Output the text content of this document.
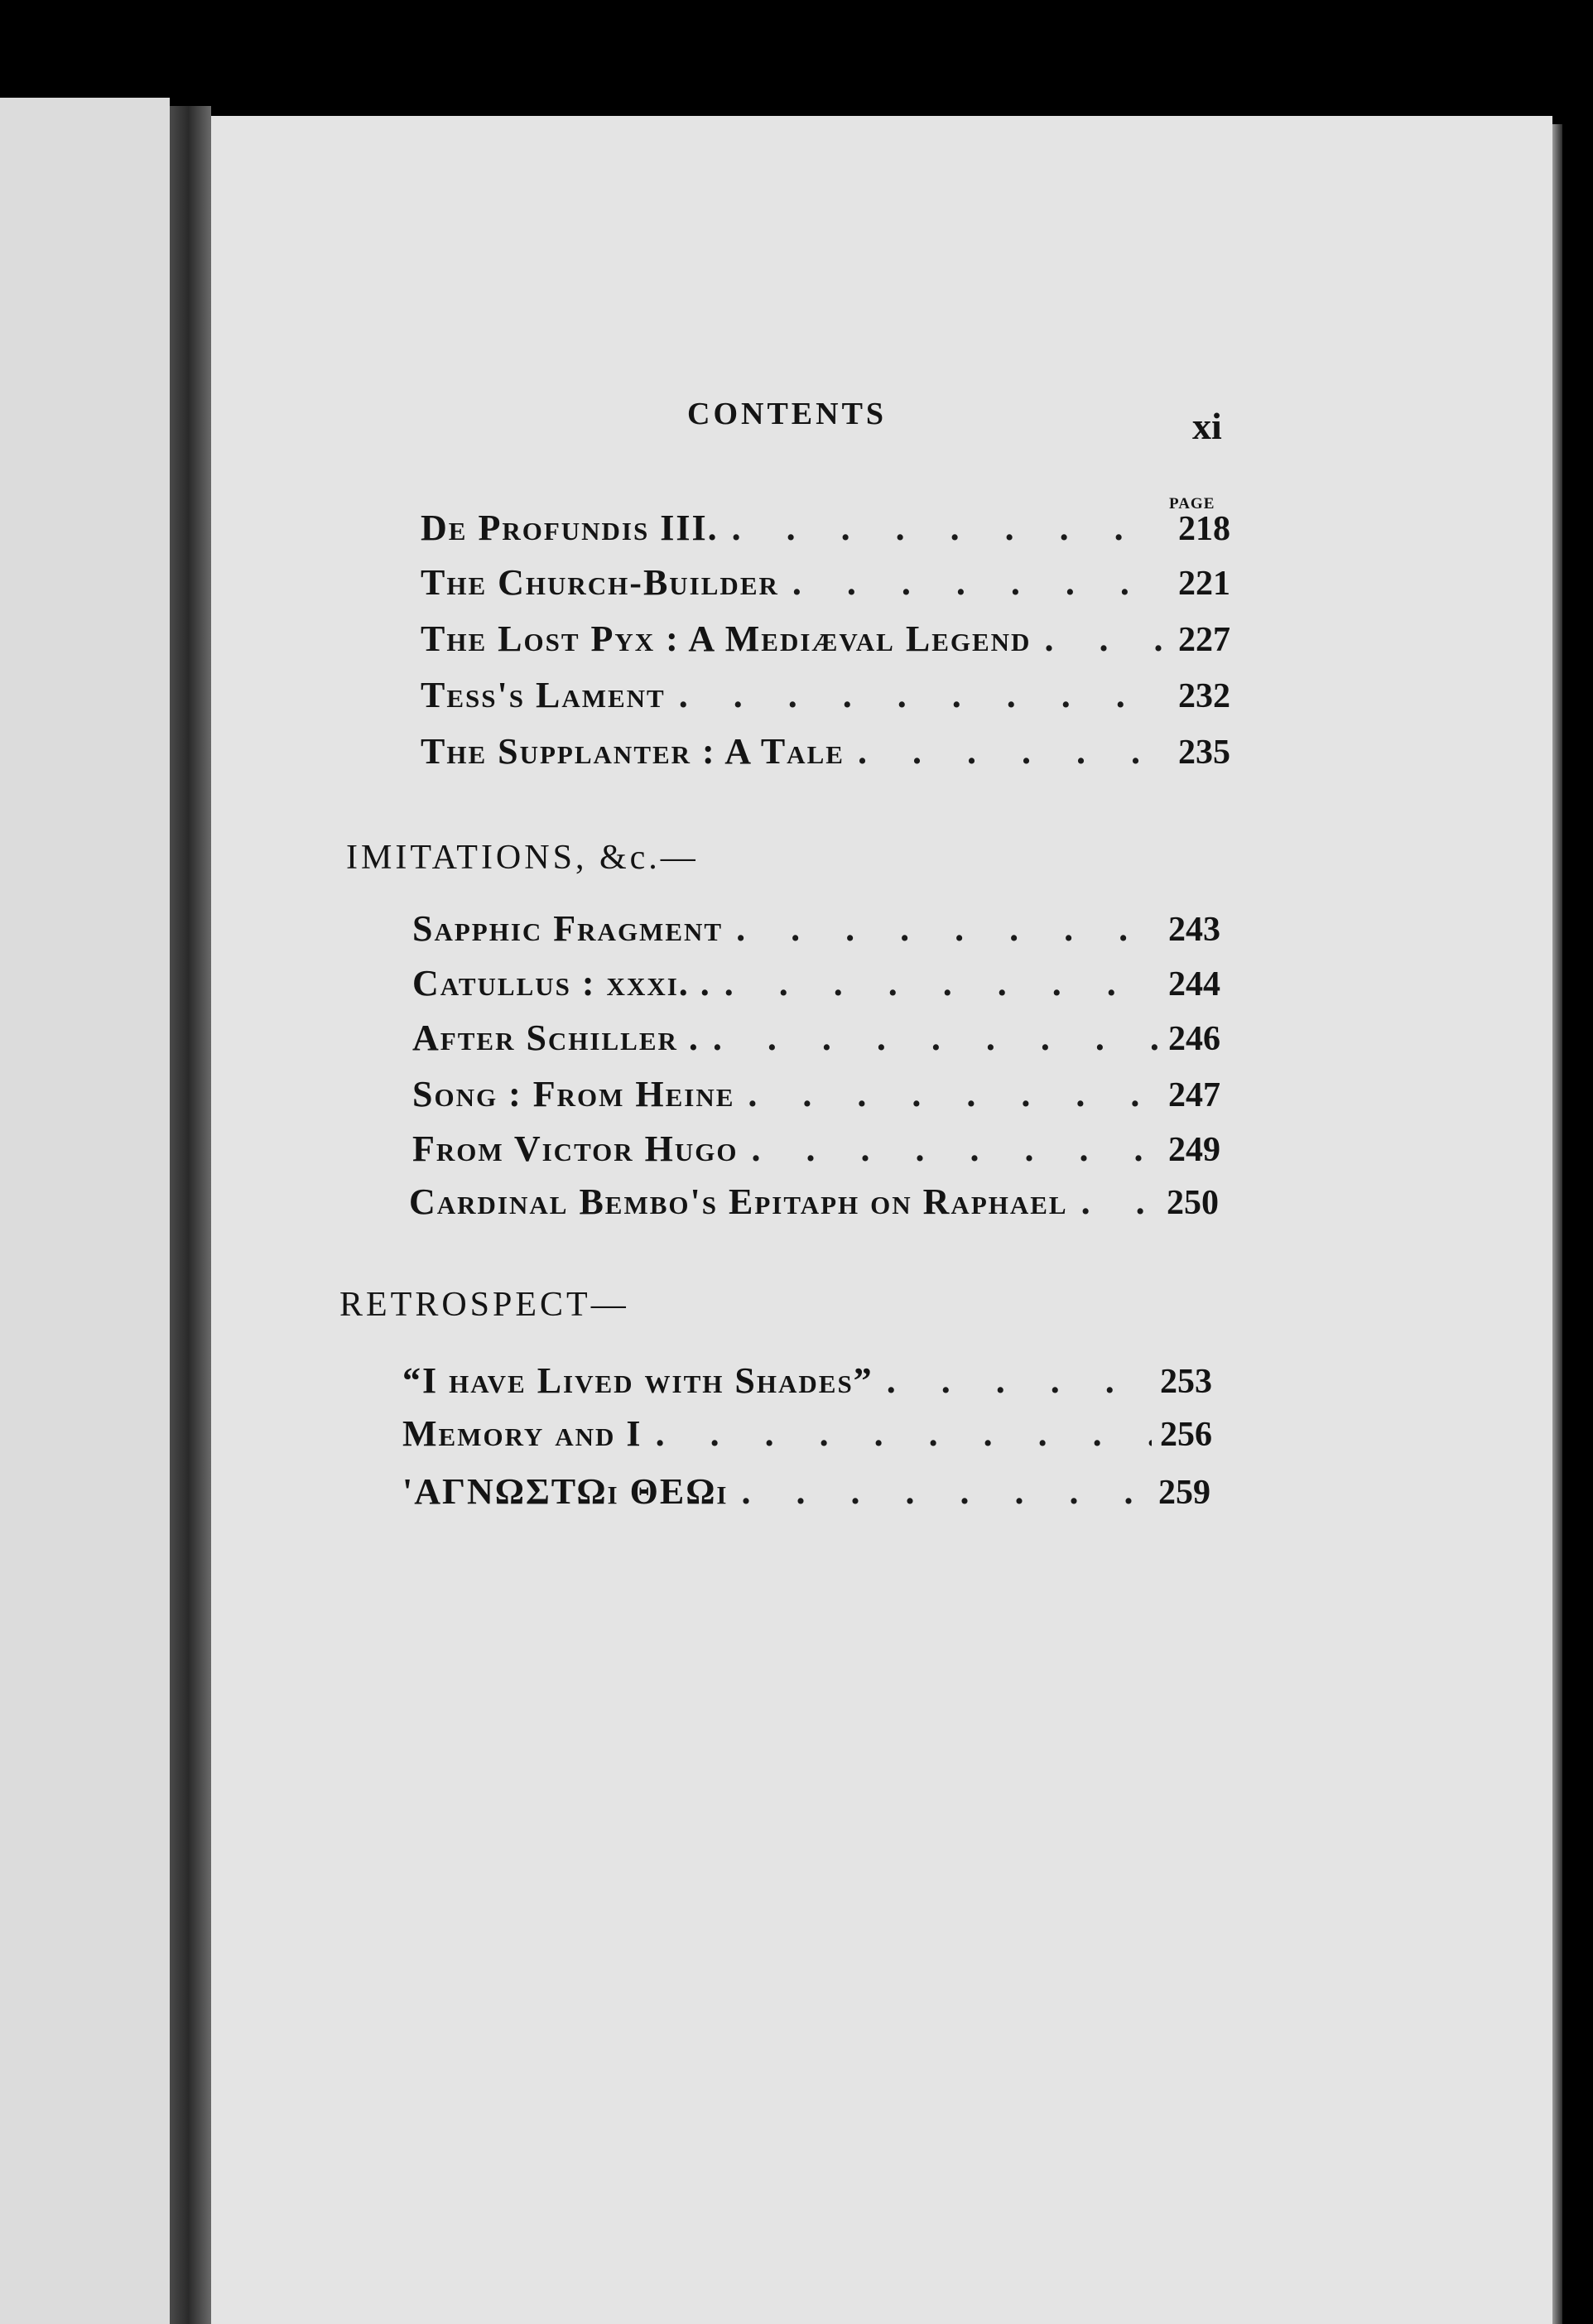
CONTENTS	xi
PAGE
De Profundis III. . . .	218
The Church-Builder . . .	221
The Lost Pyx : A Mediæval Legend . . .	227
Tess's Lament . . .	232
The Supplanter : A Tale . . .	235
IMITATIONS, &c.—
Sapphic Fragment . . .	243
Catullus : xxxi. . . . .	244
After Schiller . . . .	246
Song : From Heine . . .	247
From Victor Hugo . . .	249
Cardinal Bembo's Epitaph on Raphael . . .	250
RETROSPECT—
“I have Lived with Shades” . . .	253
Memory and I . . .	256
'ΑΓΝΩΣΤΩι ΘΕΩι . . .	259
